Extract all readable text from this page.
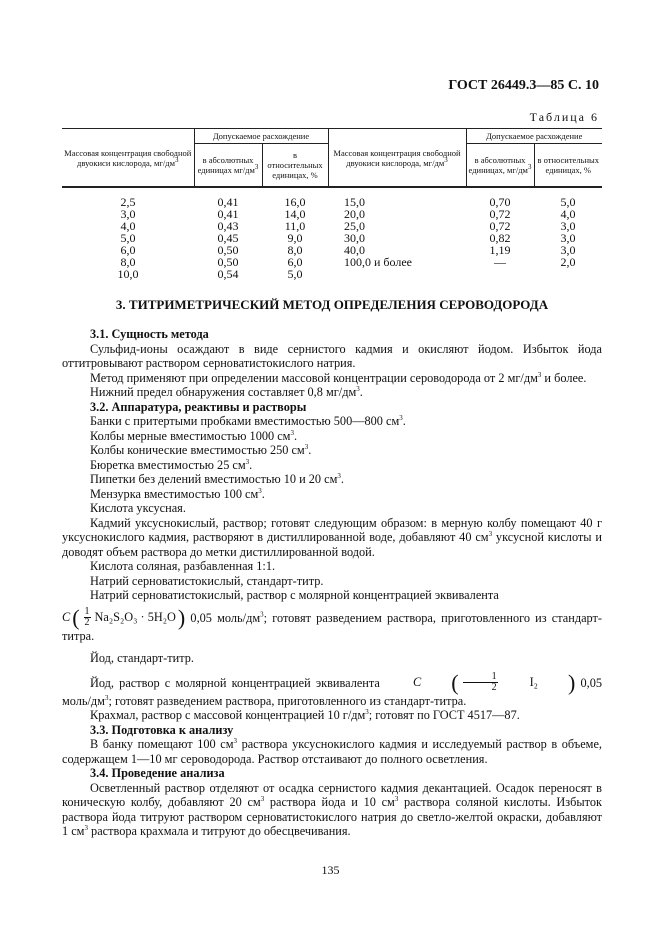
ГОСТ 26449.3—85 С. 10
Таблица 6
Массовая концентрация свободной двуокиси кислорода, $мг/дм^3$	Допускаемое расхождение		Массовая концентрация свободной двуокиси кислорода, $мг/дм^3$	Допускаемое расхождение	
	в абсолютных единицах $мг/дм^3$	в относительных единицах, %		в абсолютных единицах, $мг/дм^3$	в относительных единицах, %

2,5	0,41	16,0	15,0	0,70	5,0
3,0	0,41	14,0	20,0	0,72	4,0
4,0	0,43	11,0	25,0	0,72	3,0
5,0	0,45	9,0	30,0	0,82	3,0
6,0	0,50	8,0	40,0	1,19	3,0
8,0	0,50	6,0	100,0 и более	—	2,0
10,0	0,54	5,0			
3. ТИТРИМЕТРИЧЕСКИЙ МЕТОД ОПРЕДЕЛЕНИЯ СЕРОВОДОРОДА
3.1. Сущность метода
Сульфид-ионы осаждают в виде сернистого кадмия и окисляют йодом. Избыток йода оттитровывают раствором серноватистокислого натрия.
Метод применяют при определении массовой концентрации сероводорода от 2 $мг/дм^3$ и более.
Нижний предел обнаружения составляет 0,8 $мг/дм^3$.
3.2. Аппаратура, реактивы и растворы
Банки с притертыми пробками вместимостью 500—800 $см^3$.
Колбы мерные вместимостью 1000 $см^3$.
Колбы конические вместимостью 250 $см^3$.
Бюретка вместимостью 25 $см^3$.
Пипетки без делений вместимостью 10 и 20 $см^3$.
Мензурка вместимостью 100 $см^3$.
Кислота уксусная.
Кадмий уксуснокислый, раствор; готовят следующим образом: в мерную колбу помещают 40 г уксуснокислого кадмия, растворяют в дистиллированной воде, добавляют 40 $см^3$ уксусной кислоты и доводят объем раствора до метки дистиллированной водой.
Кислота соляная, разбавленная 1:1.
Натрий серноватистокислый, стандарт-титр.
Натрий серноватистокислый, раствор с молярной концентрацией эквивалента
C ( $\frac{1}{2} Na_2S_2O_3 \cdot 5H_2O$ ) 0,05 моль/$дм^3$; готовят разведением раствора, приготовленного из стандарт-титра.
Йод, стандарт-титр.
Йод, раствор с молярной концентрацией эквивалента	C	( $\frac{1}{2}$	I₂	) 0,05 моль/$дм^3$; готовят разведением раствора, приготовленного из стандарт-титра.
Крахмал, раствор с массовой концентрацией 10 $г/дм^3$; готовят по ГОСТ 4517—87.
3.3. Подготовка к анализу
В банку помещают 100 $см^3$ раствора уксуснокислого кадмия и исследуемый раствор в объеме, содержащем 1—10 мг сероводорода. Раствор отстаивают до полного осветления.
3.4. Проведение анализа
Осветленный раствор отделяют от осадка сернистого кадмия декантацией. Осадок переносят в коническую колбу, добавляют 20 $см^3$ раствора йода и 10 $см^3$ раствора соляной кислоты. Избыток раствора йода титруют раствором серноватистокислого натрия до светло-желтой окраски, добавляют 1 $см^3$ раствора крахмала и титруют до обесцвечивания.
135
